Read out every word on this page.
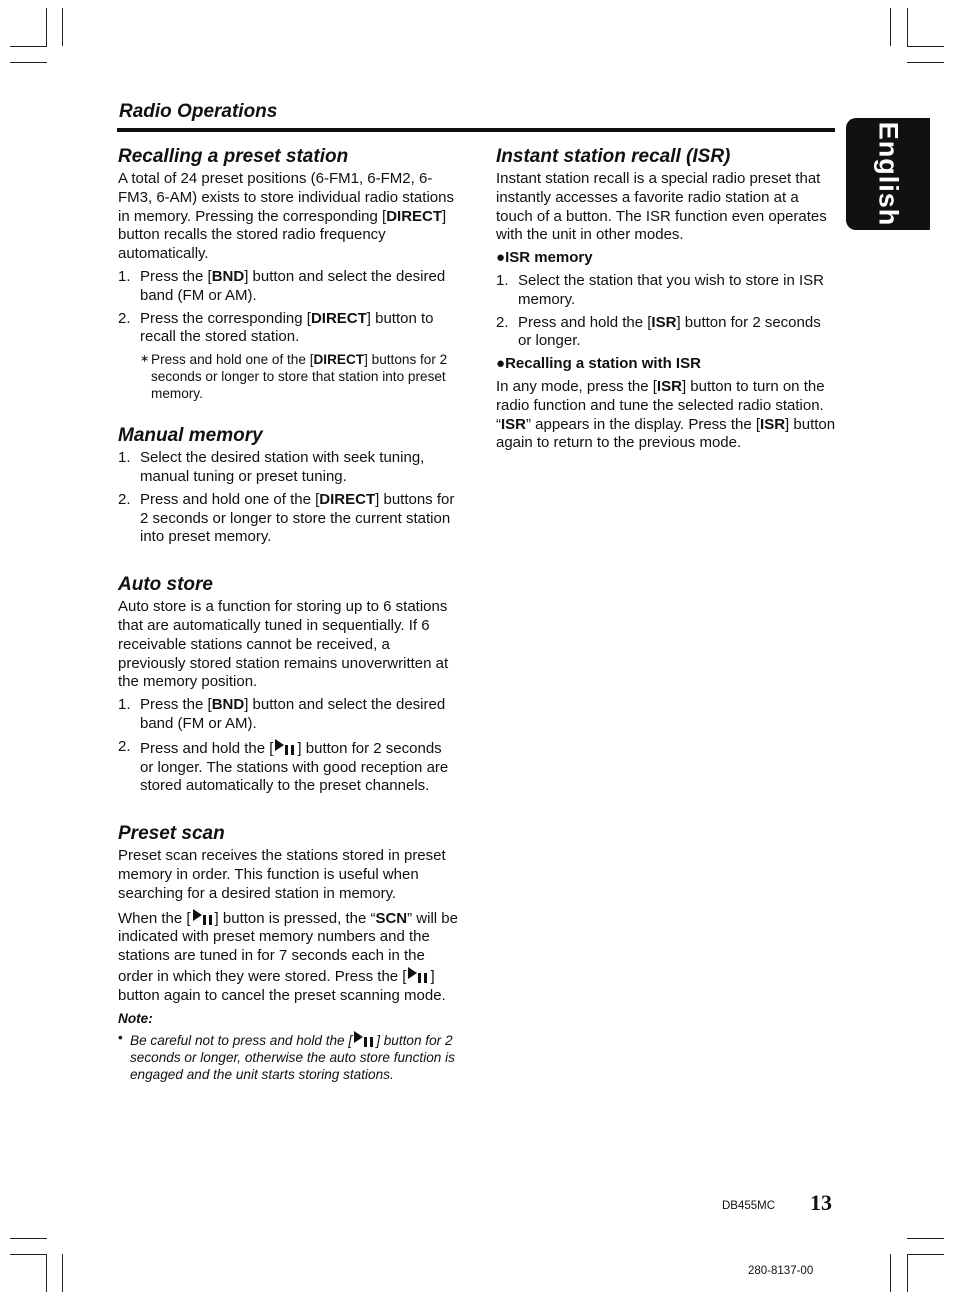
Radio Operations
English
Recalling a preset station

A total of 24 preset positions (6-FM1, 6-FM2, 6-FM3, 6-AM) exists to store individual radio stations in memory. Pressing the corresponding [DIRECT] button recalls the stored radio frequency automatically.

1. Press the [BND] button and select the desired band (FM or AM).
2. Press the corresponding [DIRECT] button to recall the stored station.
∗ Press and hold one of the [DIRECT] buttons for 2 seconds or longer to store that station into preset memory.
Manual memory
1. Select the desired station with seek tuning, manual tuning or preset tuning.
2. Press and hold one of the [DIRECT] buttons for 2 seconds or longer to store the current station into preset memory.
Auto store

Auto store is a function for storing up to 6 stations that are automatically tuned in sequentially. If 6 receivable stations cannot be received, a previously stored station remains unoverwritten at the memory position.

1. Press the [BND] button and select the desired band (FM or AM).
2. Press and hold the [ ] button for 2 seconds or longer. The stations with good reception are stored automatically to the preset channels.
Preset scan

Preset scan receives the stations stored in preset memory in order. This function is useful when searching for a desired station in memory.

When the [ ] button is pressed, the “SCN” will be indicated with preset memory numbers and the stations are tuned in for 7 seconds each in the order in which they were stored. Press the [ ] button again to cancel the preset scanning mode.

Note:
• Be careful not to press and hold the [ ] button for 2 seconds or longer, otherwise the auto store function is engaged and the unit starts storing stations.
Instant station recall (ISR)

Instant station recall is a special radio preset that instantly accesses a favorite radio station at a touch of a button. The ISR function even operates with the unit in other modes.

●ISR memory
1. Select the station that you wish to store in ISR memory.
2. Press and hold the [ISR] button for 2 seconds or longer.
●Recalling a station with ISR

In any mode, press the [ISR] button to turn on the radio function and tune the selected radio station. “ISR” appears in the display. Press the [ISR] button again to return to the previous mode.

DB455MC 13
280-8137-00
